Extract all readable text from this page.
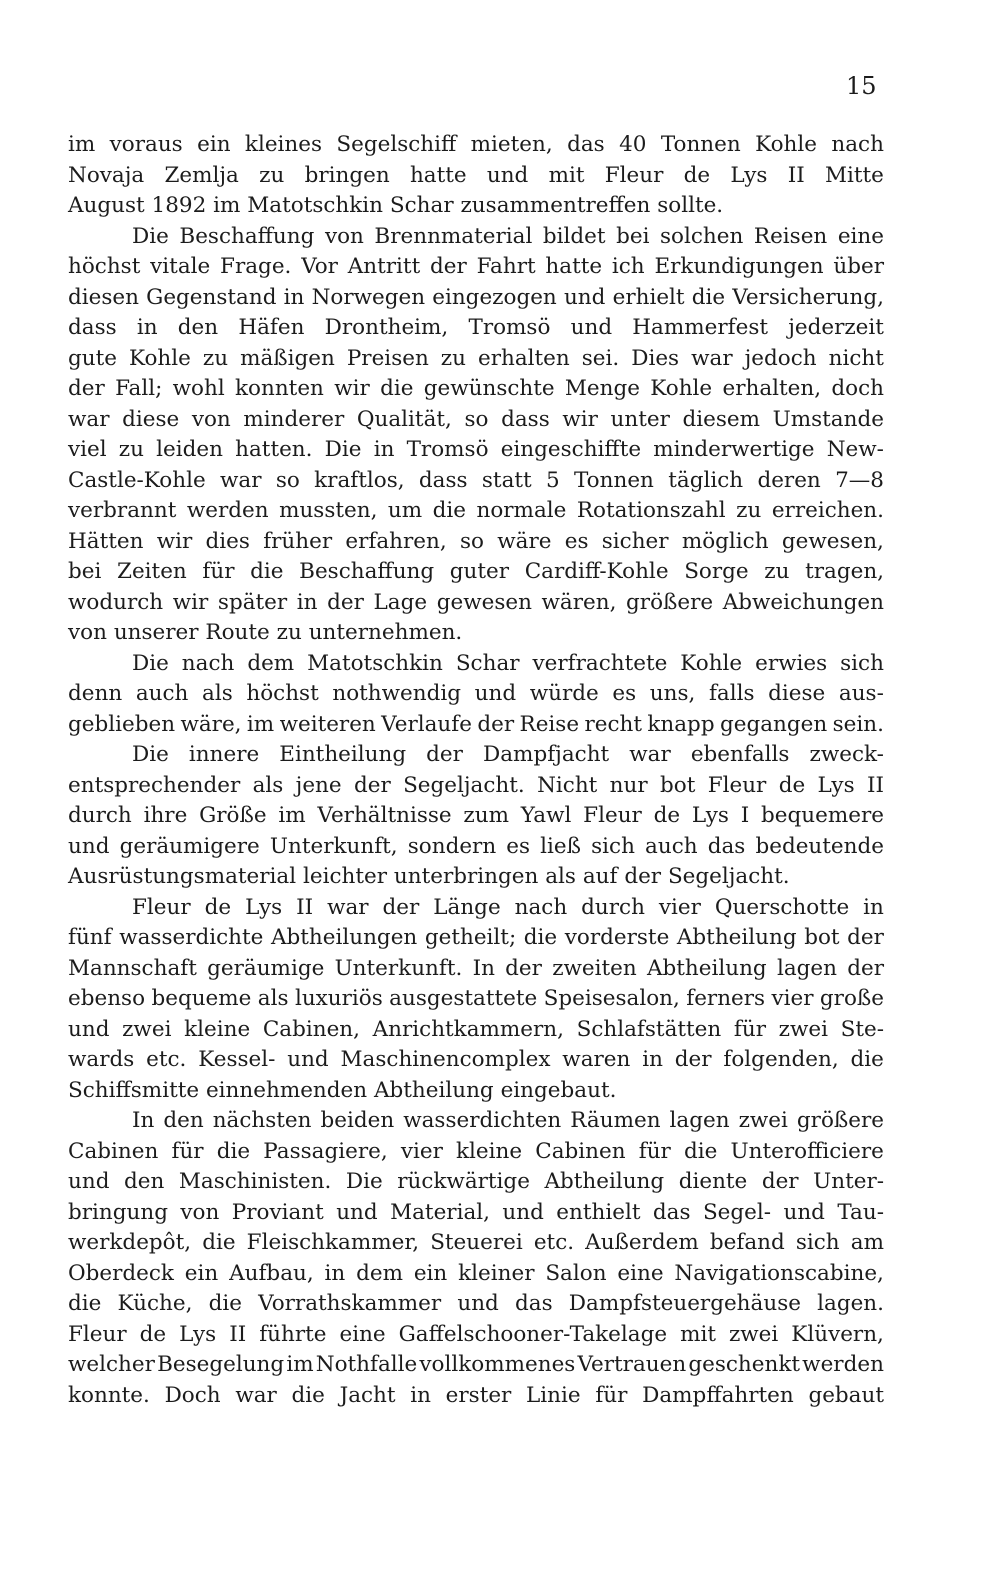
15
im voraus ein kleines Segelschiff mieten, das 40 Tonnen Kohle nach
Novaja Zemlja zu bringen hatte und mit Fleur de Lys II Mitte
August 1892 im Matotschkin Schar zusammentreffen sollte.
Die Beschaffung von Brennmaterial bildet bei solchen Reisen eine
höchst vitale Frage. Vor Antritt der Fahrt hatte ich Erkundigungen über
diesen Gegenstand in Norwegen eingezogen und erhielt die Versicherung,
dass in den Häfen Drontheim, Tromsö und Hammerfest jederzeit
gute Kohle zu mäßigen Preisen zu erhalten sei. Dies war jedoch nicht
der Fall; wohl konnten wir die gewünschte Menge Kohle erhalten, doch
war diese von minderer Qualität, so dass wir unter diesem Umstande
viel zu leiden hatten. Die in Tromsö eingeschiffte minderwertige New-
Castle-Kohle war so kraftlos, dass statt 5 Tonnen täglich deren 7—8
verbrannt werden mussten, um die normale Rotationszahl zu erreichen.
Hätten wir dies früher erfahren, so wäre es sicher möglich gewesen,
bei Zeiten für die Beschaffung guter Cardiff-Kohle Sorge zu tragen,
wodurch wir später in der Lage gewesen wären, größere Abweichungen
von unserer Route zu unternehmen.
Die nach dem Matotschkin Schar verfrachtete Kohle erwies sich
denn auch als höchst nothwendig und würde es uns, falls diese aus-
geblieben wäre, im weiteren Verlaufe der Reise recht knapp gegangen sein.
Die innere Eintheilung der Dampfjacht war ebenfalls zweck-
entsprechender als jene der Segeljacht. Nicht nur bot Fleur de Lys II
durch ihre Größe im Verhältnisse zum Yawl Fleur de Lys I bequemere
und geräumigere Unterkunft, sondern es ließ sich auch das bedeutende
Ausrüstungsmaterial leichter unterbringen als auf der Segeljacht.
Fleur de Lys II war der Länge nach durch vier Querschotte in
fünf wasserdichte Abtheilungen getheilt; die vorderste Abtheilung bot der
Mannschaft geräumige Unterkunft. In der zweiten Abtheilung lagen der
ebenso bequeme als luxuriös ausgestattete Speisesalon, ferners vier große
und zwei kleine Cabinen, Anrichtkammern, Schlafstätten für zwei Ste-
wards etc. Kessel- und Maschinencomplex waren in der folgenden, die
Schiffsmitte einnehmenden Abtheilung eingebaut.
In den nächsten beiden wasserdichten Räumen lagen zwei größere
Cabinen für die Passagiere, vier kleine Cabinen für die Unterofficiere
und den Maschinisten. Die rückwärtige Abtheilung diente der Unter-
bringung von Proviant und Material, und enthielt das Segel- und Tau-
werkdepôt, die Fleischkammer, Steuerei etc. Außerdem befand sich am
Oberdeck ein Aufbau, in dem ein kleiner Salon eine Navigationscabine,
die Küche, die Vorrathskammer und das Dampfsteuergehäuse lagen.
Fleur de Lys II führte eine Gaffelschooner-Takelage mit zwei Klüvern,
welcher Besegelung im Nothfalle vollkommenes Vertrauen geschenkt werden
konnte. Doch war die Jacht in erster Linie für Dampffahrten gebaut
